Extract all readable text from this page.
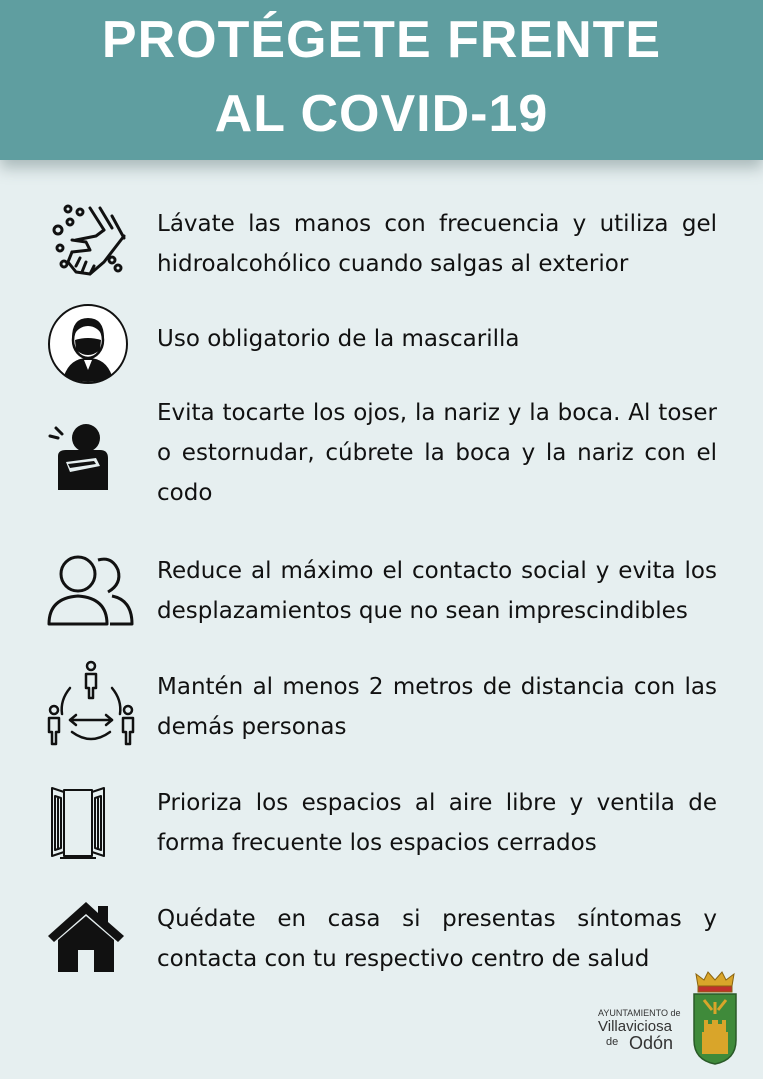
PROTÉGETE FRENTE
AL COVID-19
Lávate las manos con frecuencia y utiliza gel hidroalcohólico cuando salgas al exterior
Uso obligatorio de la mascarilla
Evita tocarte los ojos, la nariz y la boca. Al toser o estornudar, cúbrete la boca y la nariz con el codo
Reduce al máximo el contacto social y evita los desplazamientos que no sean imprescindibles
Mantén al menos 2 metros de distancia con las demás personas
Prioriza los espacios al aire libre y ventila de forma frecuente los espacios cerrados
Quédate en casa si presentas síntomas y contacta con tu respectivo centro de salud
AYUNTAMIENTO de
Villaviciosa
de Odón
